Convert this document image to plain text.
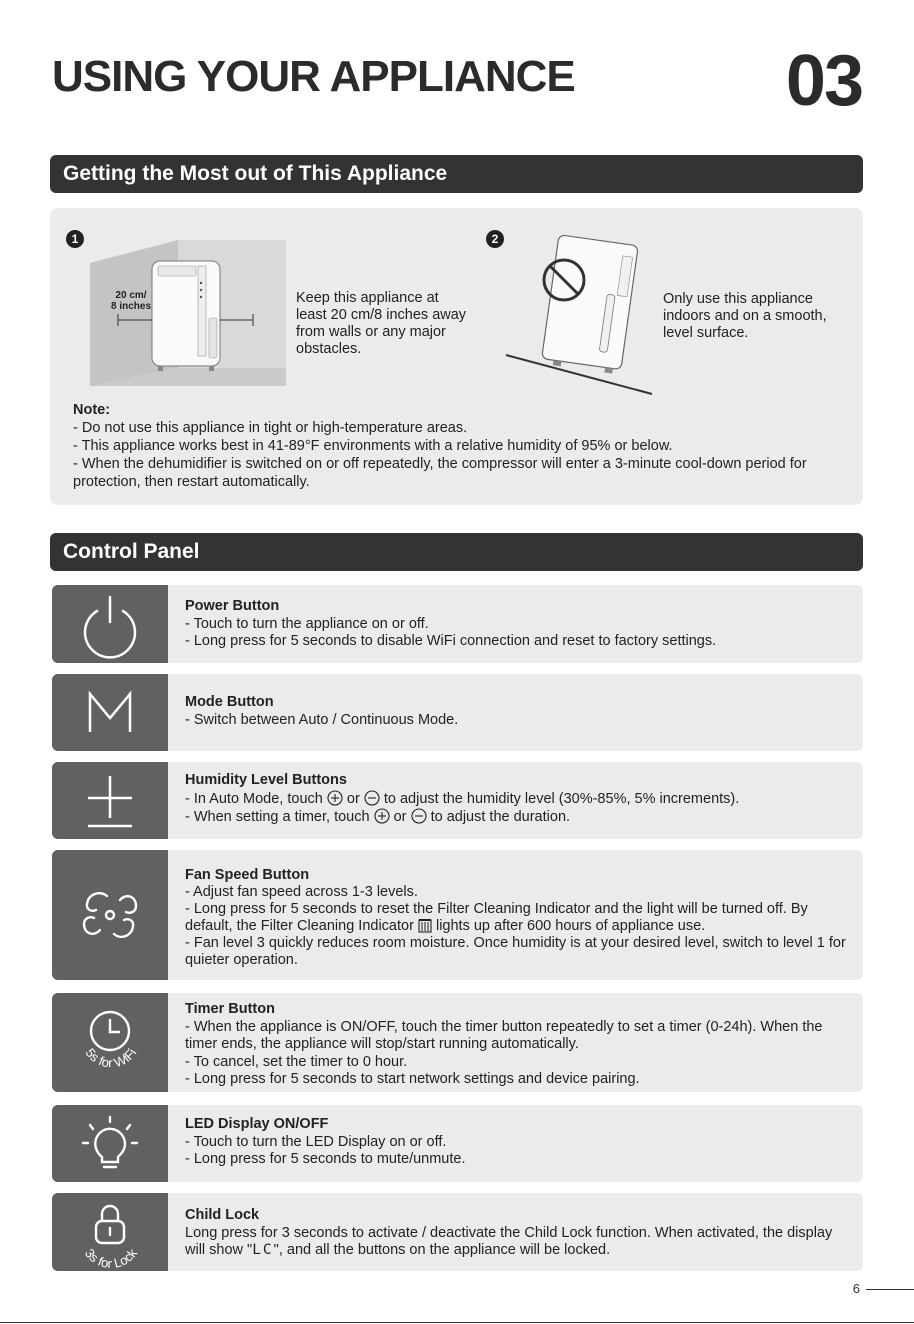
USING YOUR APPLIANCE	03
Getting the Most out of This Appliance
1
20 cm/
8 inches
Keep this appliance at least 20 cm/8 inches away from walls or any major obstacles.
2
Only use this appliance indoors and on a smooth, level surface.
Note:
- Do not use this appliance in tight or high-temperature areas.
- This appliance works best in 41-89°F environments with a relative humidity of 95% or below.
- When the dehumidifier is switched on or off repeatedly, the compressor will enter a 3-minute cool-down period for protection, then restart automatically.
Control Panel
Power Button
- Touch to turn the appliance on or off.
- Long press for 5 seconds to disable WiFi connection and reset to factory settings.
Mode Button
- Switch between Auto / Continuous Mode.
Humidity Level Buttons
- In Auto Mode, touch  or  to adjust the humidity level (30%-85%, 5% increments).
- When setting a timer, touch  or  to adjust the duration.
Fan Speed Button
- Adjust fan speed across 1-3 levels.
- Long press for 5 seconds to reset the Filter Cleaning Indicator and the light will be turned off. By default, the Filter Cleaning Indicator  lights up after 600 hours of appliance use.
- Fan level 3 quickly reduces room moisture. Once humidity is at your desired level, switch to level 1 for quieter operation.
5s for WiFi
Timer Button
- When the appliance is ON/OFF, touch the timer button repeatedly to set a timer (0-24h). When the timer ends, the appliance will stop/start running automatically.
- To cancel, set the timer to 0 hour.
- Long press for 5 seconds to start network settings and device pairing.
LED Display ON/OFF
- Touch to turn the LED Display on or off.
- Long press for 5 seconds to mute/unmute.
3s for Lock
Child Lock
Long press for 3 seconds to activate / deactivate the Child Lock function. When activated, the display will show "LC", and all the buttons on the appliance will be locked.
6
